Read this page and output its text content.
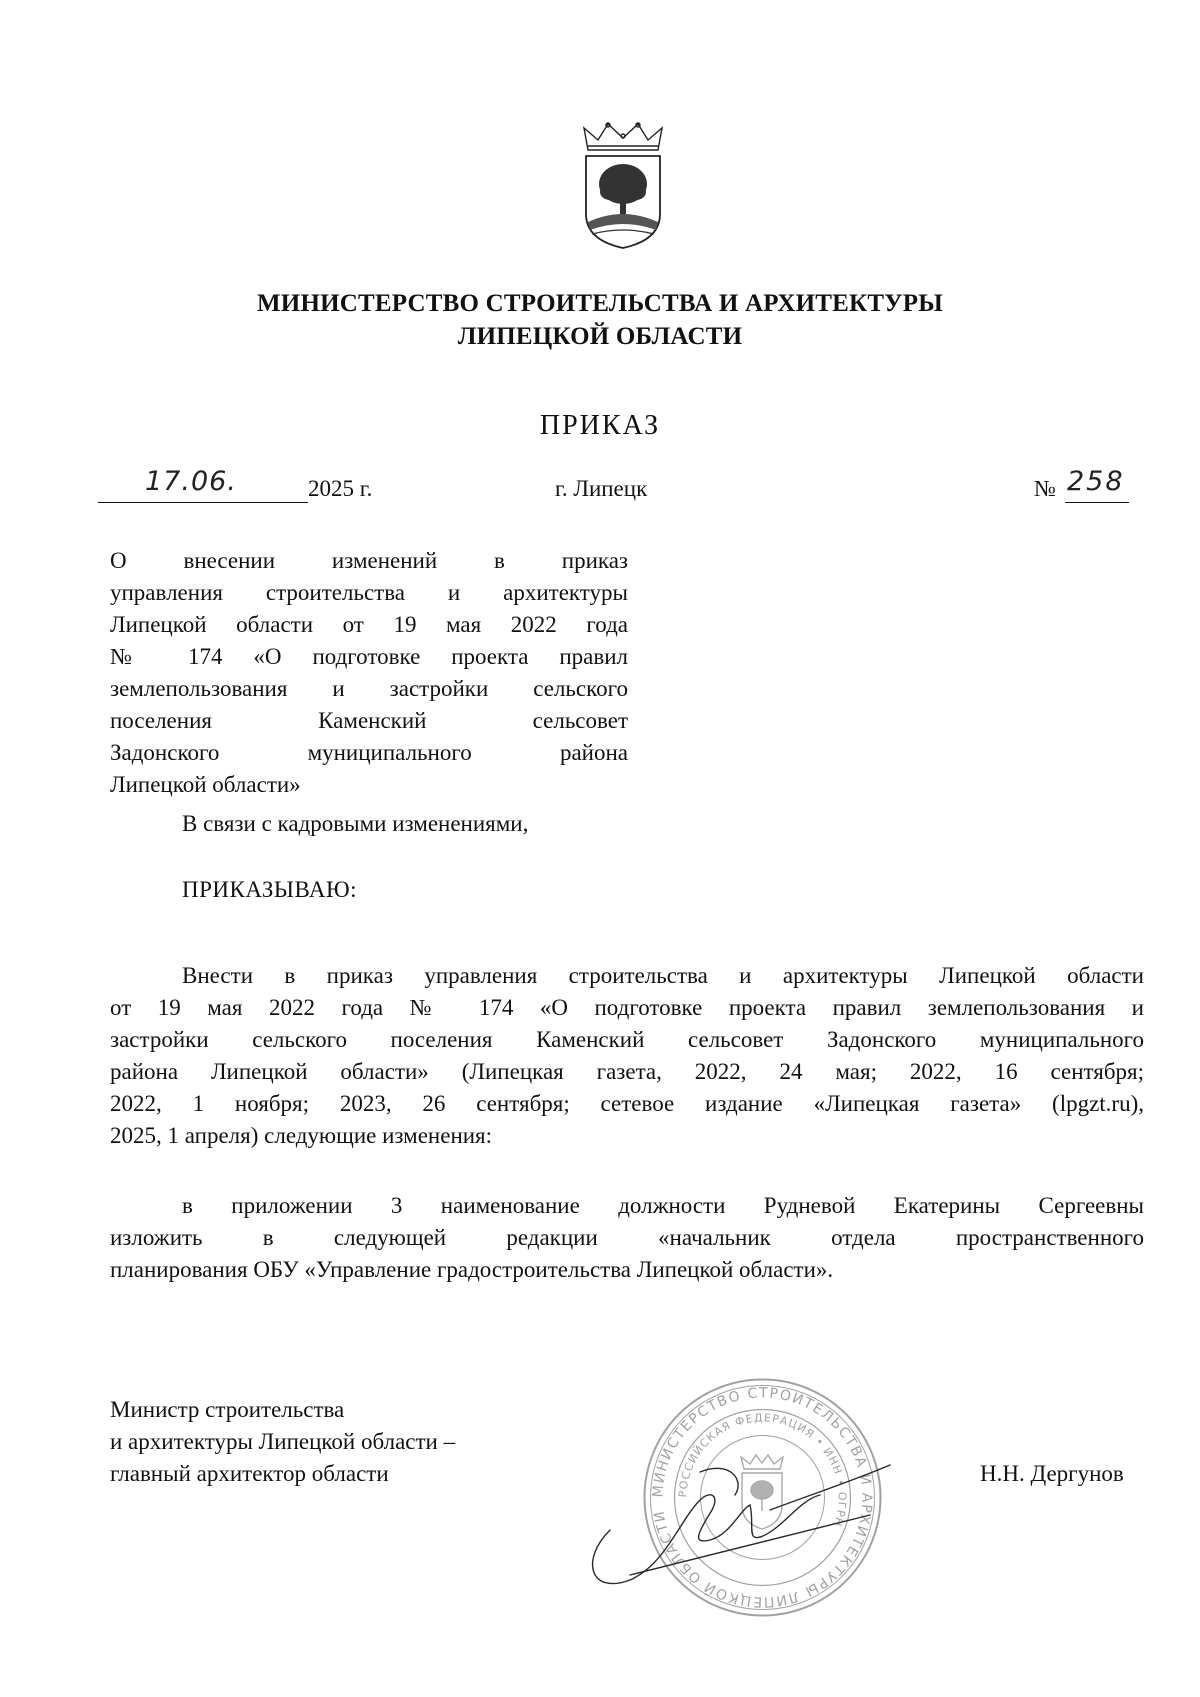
МИНИСТЕРСТВО СТРОИТЕЛЬСТВА И АРХИТЕКТУРЫ
ЛИПЕЦКОЙ ОБЛАСТИ
ПРИКАЗ
17.06.	2025 г.	г. Липецк	№ 258
О внесении изменений в приказ
управления строительства и архитектуры
Липецкой области от 19 мая 2022 года
№ 174 «О подготовке проекта правил
землепользования и застройки сельского
поселения Каменский сельсовет
Задонского муниципального района
Липецкой области»
В связи с кадровыми изменениями,
ПРИКАЗЫВАЮ:
Внести в приказ управления строительства и архитектуры Липецкой области
от 19 мая 2022 года № 174 «О подготовке проекта правил землепользования и
застройки сельского поселения Каменский сельсовет Задонского муниципального
района Липецкой области» (Липецкая газета, 2022, 24 мая; 2022, 16 сентября;
2022, 1 ноября; 2023, 26 сентября; сетевое издание «Липецкая газета» (lpgzt.ru),
2025, 1 апреля) следующие изменения:
в приложении 3 наименование должности Рудневой Екатерины Сергеевны
изложить в следующей редакции «начальник отдела пространственного
планирования ОБУ «Управление градостроительства Липецкой области».
Министр строительства
и архитектуры Липецкой области –
главный архитектор области
МИНИСТЕРСТВО СТРОИТЕЛЬСТВА И АРХИТЕКТУРЫ ЛИПЕЦКОЙ ОБЛАСТИ
РОССИЙСКАЯ ФЕДЕРАЦИЯ • ИНН • ОГРН
Н.Н. Дергунов
